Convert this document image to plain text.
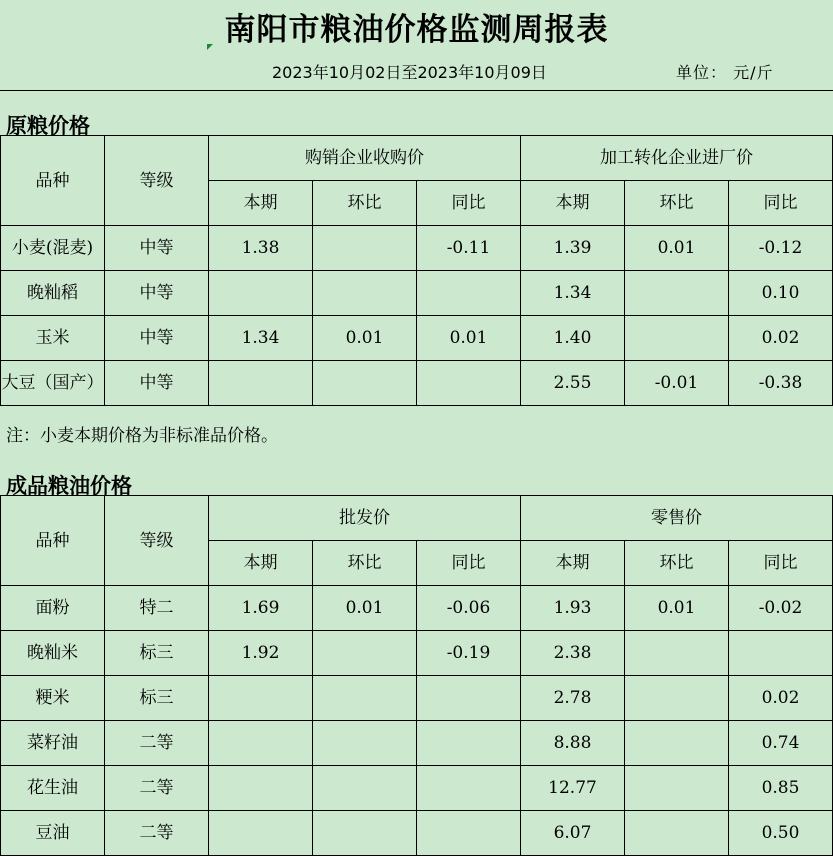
南阳市粮油价格监测周报表
2023年10月02日至2023年10月09日	单位： 元/斤
原粮价格
品种	等级	购销企业收购价			加工转化企业进厂价		
		本期	环比	同比	本期	环比	同比
小麦(混麦)	中等	1.38		-0.11	1.39	0.01	-0.12
晚籼稻	中等				1.34		0.10
玉米	中等	1.34	0.01	0.01	1.40		0.02
大豆（国产）	中等				2.55	-0.01	-0.38
注：小麦本期价格为非标准品价格。
成品粮油价格
品种	等级	批发价			零售价		
		本期	环比	同比	本期	环比	同比
面粉	特二	1.69	0.01	-0.06	1.93	0.01	-0.02
晚籼米	标三	1.92		-0.19	2.38		
粳米	标三				2.78		0.02
菜籽油	二等				8.88		0.74
花生油	二等				12.77		0.85
豆油	二等				6.07		0.50
